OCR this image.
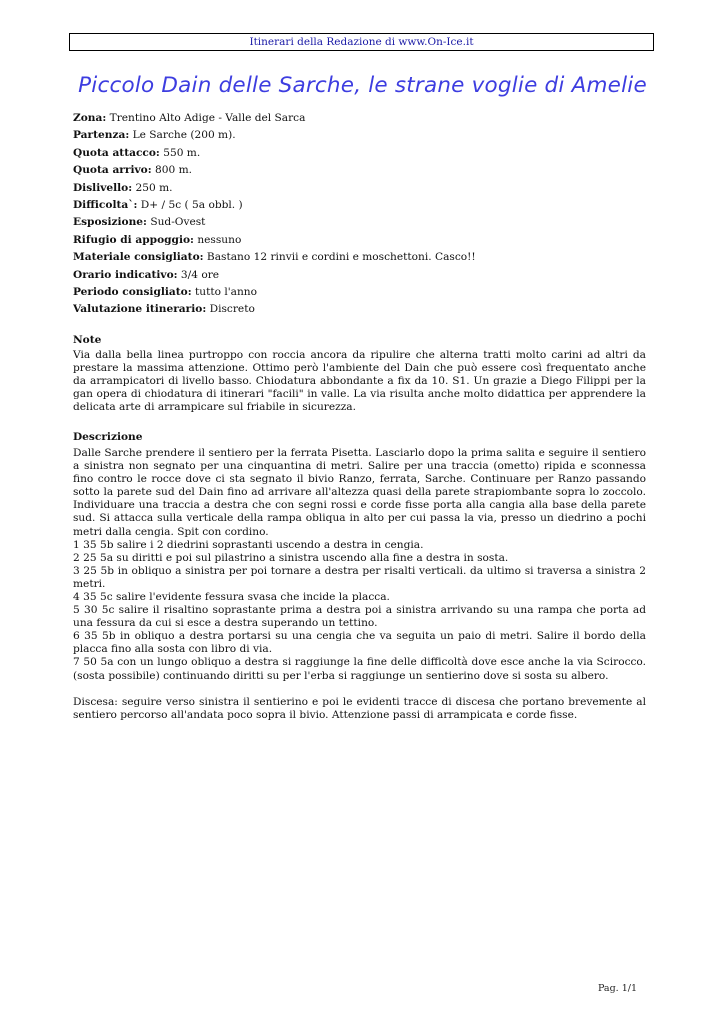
Itinerari della Redazione di www.On-Ice.it
Piccolo Dain delle Sarche, le strane voglie di Amelie

Zona: Trentino Alto Adige - Valle del Sarca

Partenza: Le Sarche (200 m).

Quota attacco: 550 m.

Quota arrivo: 800 m.

Dislivello: 250 m.

Difficolta`: D+ / 5c ( 5a obbl. )

Esposizione: Sud-Ovest

Rifugio di appoggio: nessuno

Materiale consigliato: Bastano 12 rinvii e cordini e moschettoni. Casco!!

Orario indicativo: 3/4 ore

Periodo consigliato: tutto l'anno

Valutazione itinerario: Discreto

Note

Via dalla bella linea purtroppo con roccia ancora da ripulire che alterna tratti molto carini ad altri da prestare la massima attenzione. Ottimo però l'ambiente del Dain che può essere così frequentato anche da arrampicatori di livello basso. Chiodatura abbondante a fix da 10. S1. Un grazie a Diego Filippi per la gan opera di chiodatura di itinerari "facili" in valle. La via risulta anche molto didattica per apprendere la delicata arte di arrampicare sul friabile in sicurezza.

Descrizione

Dalle Sarche prendere il sentiero per la ferrata Pisetta. Lasciarlo dopo la prima salita e seguire il sentiero a sinistra non segnato per una cinquantina di metri. Salire per una traccia (ometto) ripida e sconnessa fino contro le rocce dove ci sta segnato il bivio Ranzo, ferrata, Sarche. Continuare per Ranzo passando sotto la parete sud del Dain fino ad arrivare all'altezza quasi della parete strapiombante sopra lo zoccolo. Individuare una traccia a destra che con segni rossi e corde fisse porta alla cangia alla base della parete sud. Si attacca sulla verticale della rampa obliqua in alto per cui passa la via, presso un diedrino a pochi metri dalla cengia. Spit con cordino.

1 35 5b salire i 2 diedrini soprastanti uscendo a destra in cengia.

2 25 5a su diritti e poi sul pilastrino a sinistra uscendo alla fine a destra in sosta.

3 25 5b in obliquo a sinistra per poi tornare a destra per risalti verticali. da ultimo si traversa a sinistra 2 metri.

4 35 5c salire l'evidente fessura svasa che incide la placca.

5 30 5c salire il risaltino soprastante prima a destra poi a sinistra arrivando su una rampa che porta ad una fessura da cui si esce a destra superando un tettino.

6 35 5b in obliquo a destra portarsi su una cengia che va seguita un paio di metri. Salire il bordo della placca fino alla sosta con libro di via.

7 50 5a con un lungo obliquo a destra si raggiunge la fine delle difficoltà dove esce anche la via Scirocco. (sosta possibile) continuando diritti su per l'erba si raggiunge un sentierino dove si sosta su albero.

Discesa: seguire verso sinistra il sentierino e poi le evidenti tracce di discesa che portano brevemente al sentiero percorso all'andata poco sopra il bivio. Attenzione passi di arrampicata e corde fisse.

Pag. 1/1
